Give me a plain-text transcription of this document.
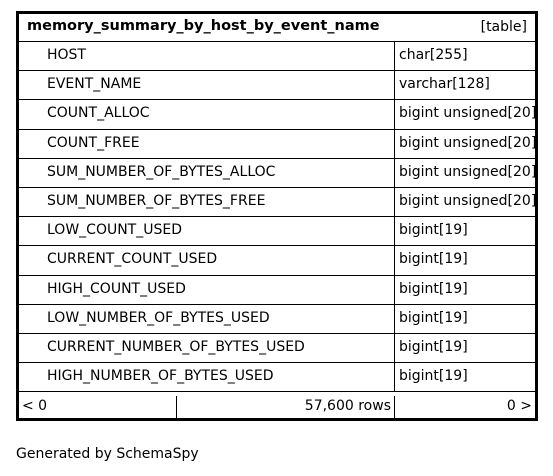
memory_summary_by_host_by_event_name	[table]
HOST	char[255]
EVENT_NAME	varchar[128]
COUNT_ALLOC	bigint unsigned[20]
COUNT_FREE	bigint unsigned[20]
SUM_NUMBER_OF_BYTES_ALLOC	bigint unsigned[20]
SUM_NUMBER_OF_BYTES_FREE	bigint unsigned[20]
LOW_COUNT_USED	bigint[19]
CURRENT_COUNT_USED	bigint[19]
HIGH_COUNT_USED	bigint[19]
LOW_NUMBER_OF_BYTES_USED	bigint[19]
CURRENT_NUMBER_OF_BYTES_USED	bigint[19]
HIGH_NUMBER_OF_BYTES_USED	bigint[19]
< 0	57,600 rows	0 >
Generated by SchemaSpy
